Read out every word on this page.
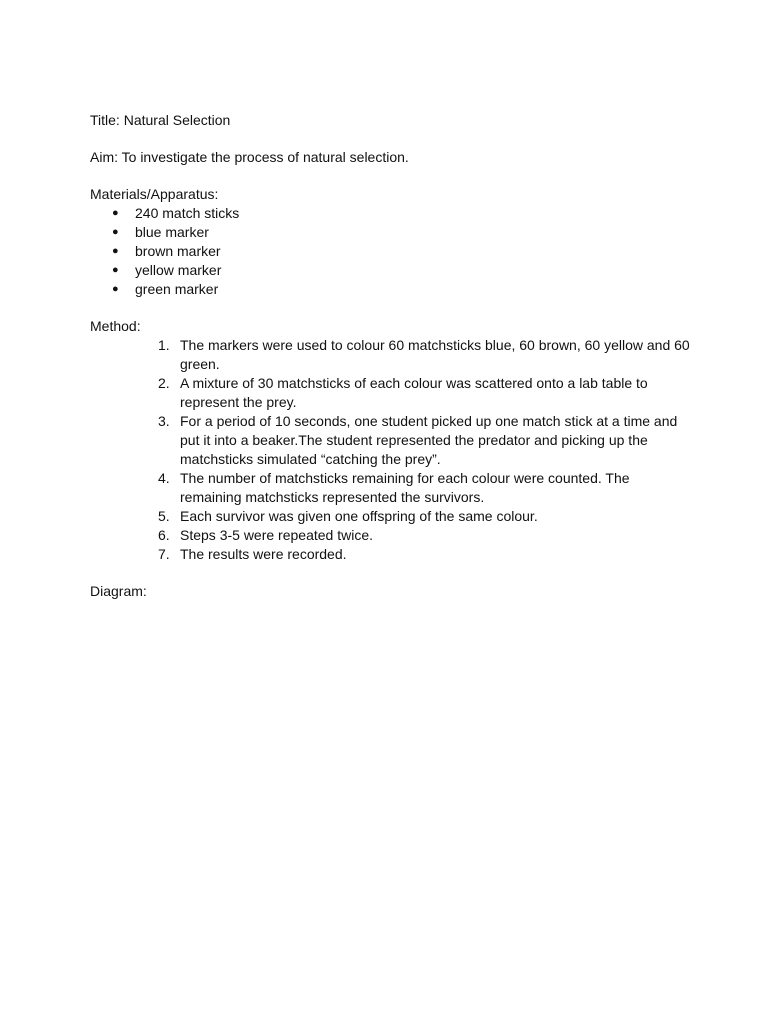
Title: Natural Selection

Aim: To investigate the process of natural selection.

Materials/Apparatus:

● 240 match sticks
● blue marker
● brown marker
● yellow marker
● green marker

Method:

1. The markers were used to colour 60 matchsticks blue, 60 brown, 60 yellow and 60 green.
2. A mixture of 30 matchsticks of each colour was scattered onto a lab table to represent the prey.
3. For a period of 10 seconds, one student picked up one match stick at a time and put it into a beaker.The student represented the predator and picking up the matchsticks simulated “catching the prey”.
4. The number of matchsticks remaining for each colour were counted. The remaining matchsticks represented the survivors.
5. Each survivor was given one offspring of the same colour.
6. Steps 3-5 were repeated twice.
7. The results were recorded.

Diagram:
